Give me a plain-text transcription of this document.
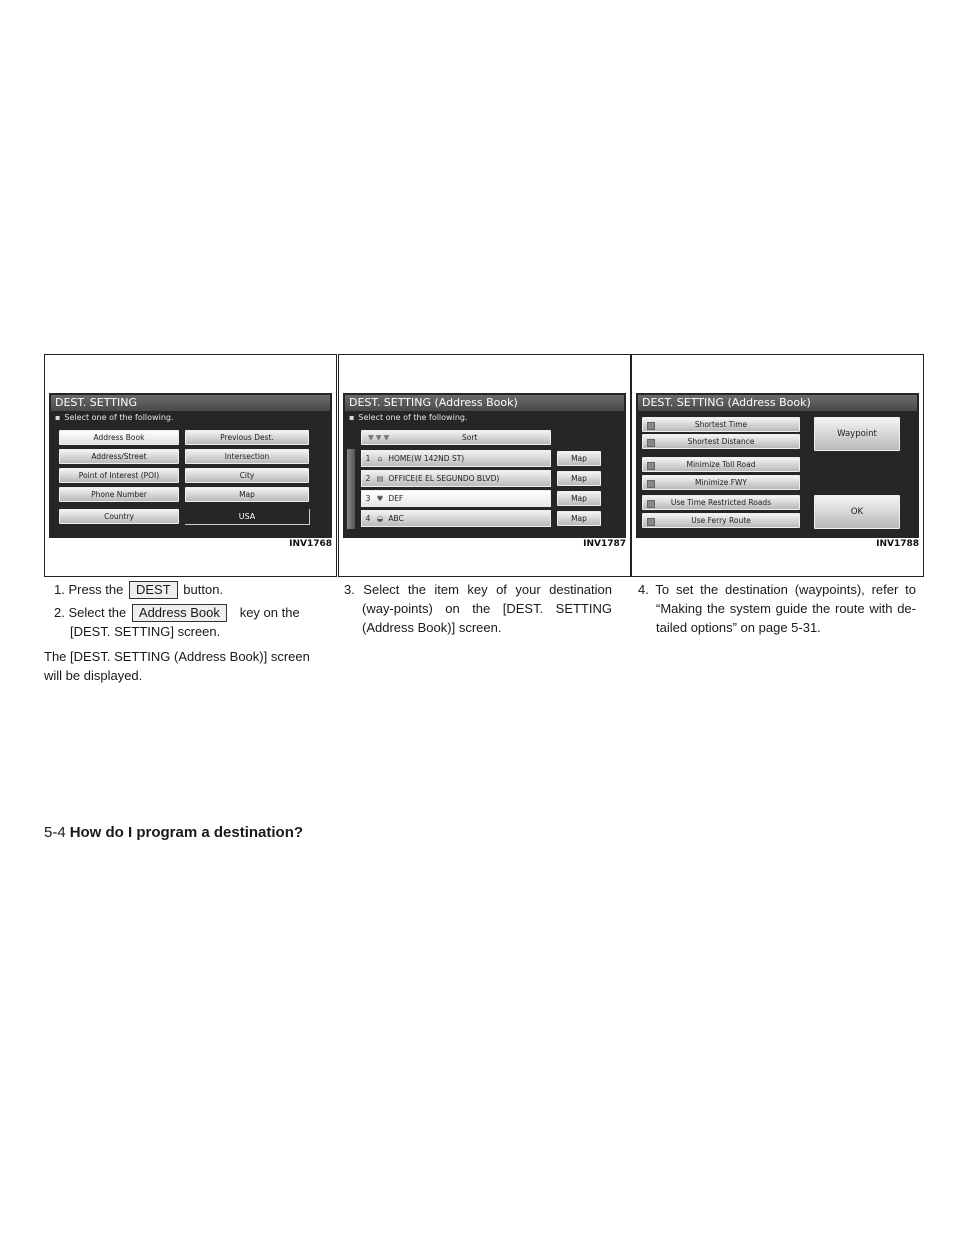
DEST. SETTING
▪ Select one of the following.
Address Book	Previous Dest.
Address/Street	Intersection
Point of Interest (POI)	City
Phone Number	Map
Country	USA
INV1768
DEST. SETTING (Address Book)
▪ Select one of the following.
▼▼▼	Sort
1 ⌂ HOME(W 142ND ST)	Map
2 ▤ OFFICE(E EL SEGUNDO BLVD)	Map
3 ♥ DEF	Map
4 ◒ ABC	Map
INV1787
DEST. SETTING (Address Book)
Shortest Time
Shortest Distance
Minimize Toll Road
Minimize FWY
Use Time Restricted Roads
Use Ferry Route
Waypoint
OK
INV1788

1. Press the DEST button.

2. Select the Address Book key on the

[DEST. SETTING] screen.

The [DEST. SETTING (Address Book)] screen will be displayed.

3. Select the item key of your destination (way-points) on the [DEST. SETTING (Address Book)] screen.

4. To set the destination (waypoints), refer to “Making the system guide the route with de-tailed options” on page 5-31.

5-4 How do I program a destination?
